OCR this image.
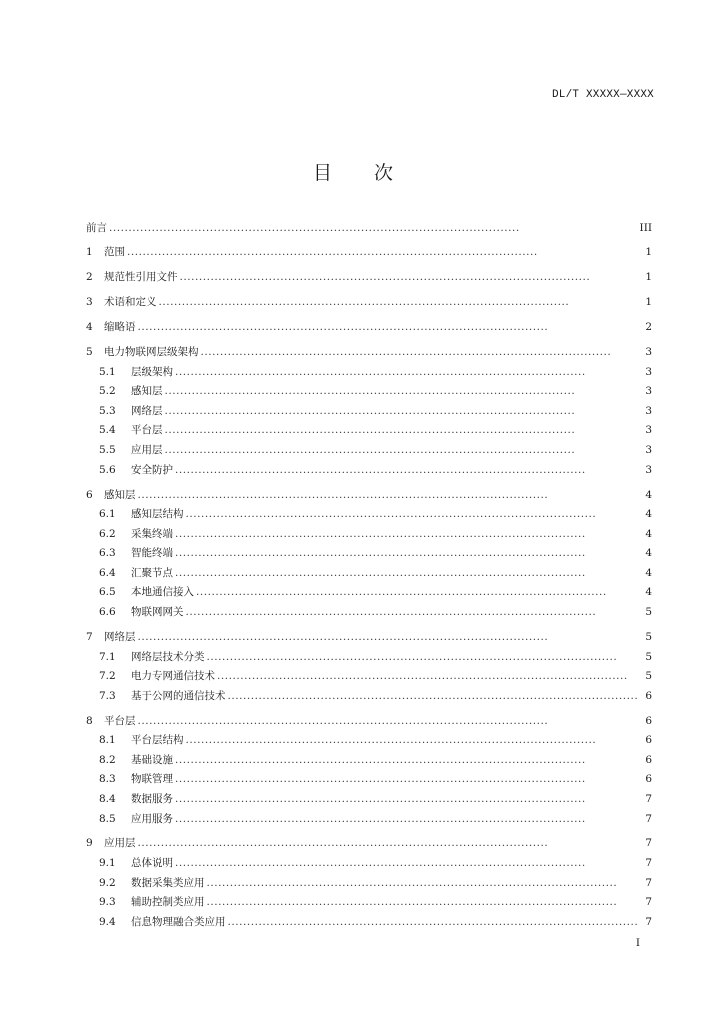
DL/T XXXXX—XXXX
目 次
前言 . . .	III
1	范围 . . .	1
2	规范性引用文件 . . .	1
3	术语和定义 . . .	1
4	缩略语 . . .	2
5	电力物联网层级架构 . . .	3
5.1	层级架构 . . .	3
5.2	感知层 . . .	3
5.3	网络层 . . .	3
5.4	平台层 . . .	3
5.5	应用层 . . .	3
5.6	安全防护 . . .	3
6	感知层 . . .	4
6.1	感知层结构 . . .	4
6.2	采集终端 . . .	4
6.3	智能终端 . . .	4
6.4	汇聚节点 . . .	4
6.5	本地通信接入 . . .	4
6.6	物联网网关 . . .	5
7	网络层 . . .	5
7.1	网络层技术分类 . . .	5
7.2	电力专网通信技术 . . .	5
7.3	基于公网的通信技术 . . .	6
8	平台层 . . .	6
8.1	平台层结构 . . .	6
8.2	基础设施 . . .	6
8.3	物联管理 . . .	6
8.4	数据服务 . . .	7
8.5	应用服务 . . .	7
9	应用层 . . .	7
9.1	总体说明 . . .	7
9.2	数据采集类应用 . . .	7
9.3	辅助控制类应用 . . .	7
9.4	信息物理融合类应用 . . .	7
I
